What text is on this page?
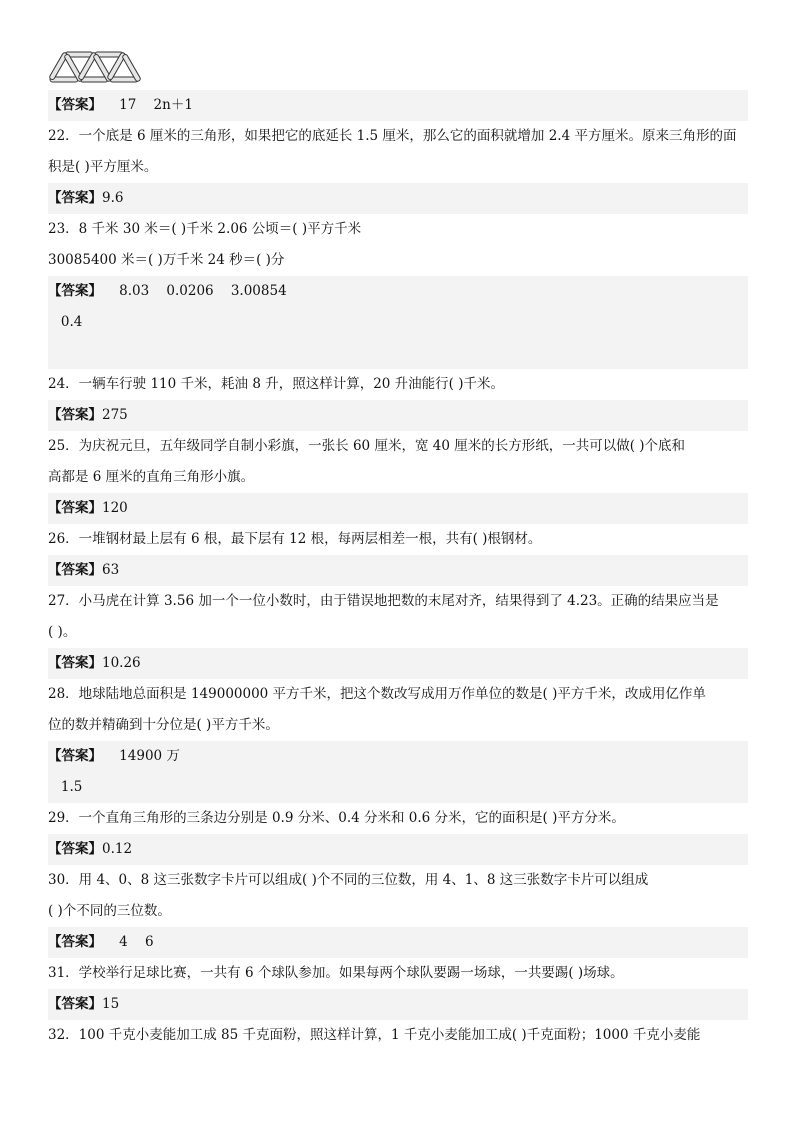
【答案】 17 2n＋1
22．一个底是 6 厘米的三角形，如果把它的底延长 1.5 厘米，那么它的面积就增加 2.4 平方厘米。原来三角形的面
积是( )平方厘米。
【答案】9.6
23．8 千米 30 米＝( )千米 2.06 公顷＝( )平方千米
30085400 米＝( )万千米 24 秒＝( )分
【答案】 8.03 0.0206 3.00854
0.4
24．一辆车行驶 110 千米，耗油 8 升，照这样计算，20 升油能行( )千米。
【答案】275
25．为庆祝元旦，五年级同学自制小彩旗，一张长 60 厘米，宽 40 厘米的长方形纸，一共可以做( )个底和
高都是 6 厘米的直角三角形小旗。
【答案】120
26．一堆钢材最上层有 6 根，最下层有 12 根，每两层相差一根，共有( )根钢材。
【答案】63
27．小马虎在计算 3.56 加一个一位小数时，由于错误地把数的末尾对齐，结果得到了 4.23。正确的结果应当是
( )。
【答案】10.26
28．地球陆地总面积是 149000000 平方千米，把这个数改写成用万作单位的数是( )平方千米，改成用亿作单
位的数并精确到十分位是( )平方千米。
【答案】 14900 万
1.5
29．一个直角三角形的三条边分别是 0.9 分米、0.4 分米和 0.6 分米，它的面积是( )平方分米。
【答案】0.12
30．用 4、0、8 这三张数字卡片可以组成( )个不同的三位数，用 4、1、8 这三张数字卡片可以组成
( )个不同的三位数。
【答案】 4 6
31．学校举行足球比赛，一共有 6 个球队参加。如果每两个球队要踢一场球，一共要踢( )场球。
【答案】15
32．100 千克小麦能加工成 85 千克面粉，照这样计算，1 千克小麦能加工成( )千克面粉；1000 千克小麦能
